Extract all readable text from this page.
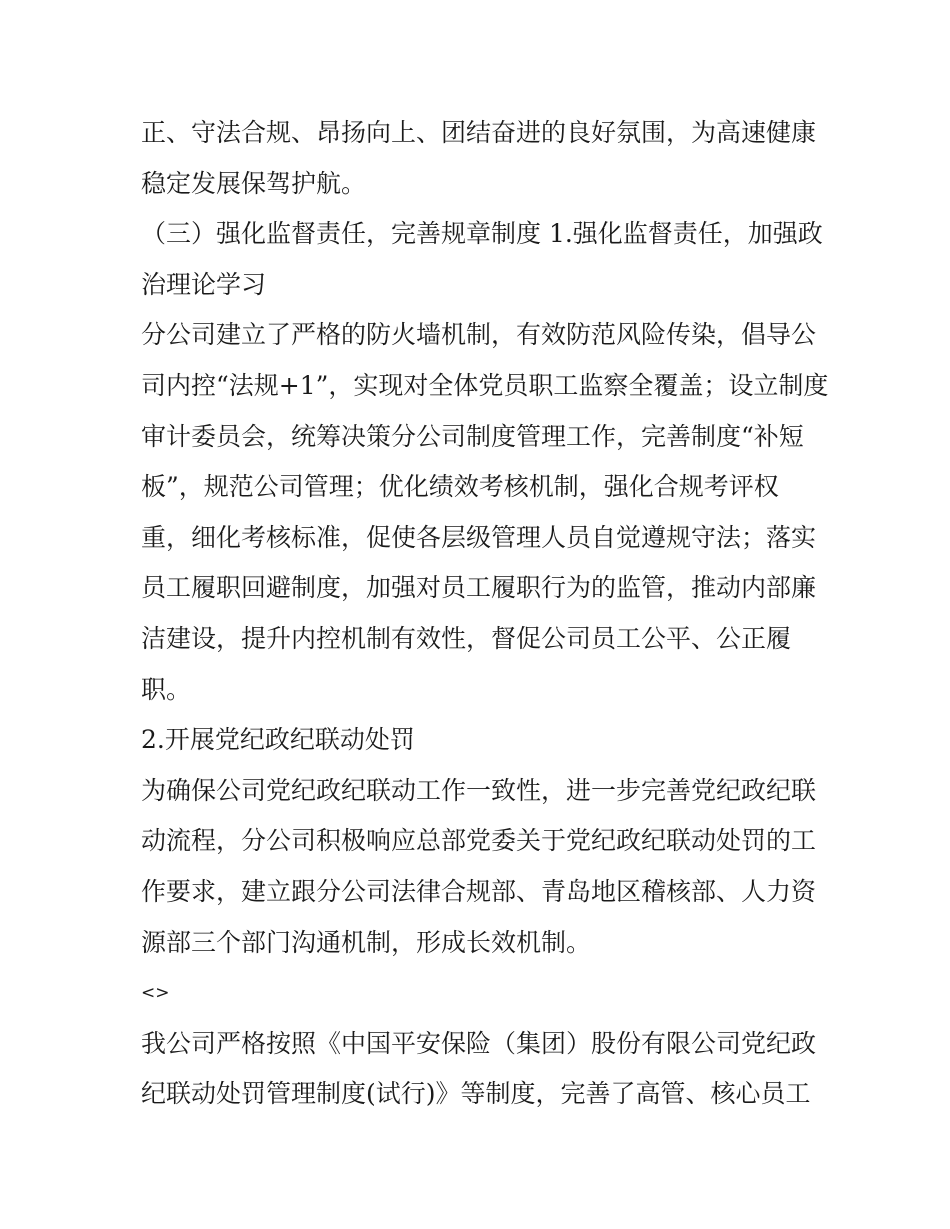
正、守法合规、昂扬向上、团结奋进的良好氛围，为高速健康
稳定发展保驾护航。
（三）强化监督责任，完善规章制度 1.强化监督责任，加强政
治理论学习
分公司建立了严格的防火墙机制，有效防范风险传染，倡导公
司内控“法规+1”，实现对全体党员职工监察全覆盖；设立制度
审计委员会，统筹决策分公司制度管理工作，完善制度“补短
板”，规范公司管理；优化绩效考核机制，强化合规考评权
重，细化考核标准，促使各层级管理人员自觉遵规守法；落实
员工履职回避制度，加强对员工履职行为的监管，推动内部廉
洁建设，提升内控机制有效性，督促公司员工公平、公正履
职。
2.开展党纪政纪联动处罚
为确保公司党纪政纪联动工作一致性，进一步完善党纪政纪联
动流程，分公司积极响应总部党委关于党纪政纪联动处罚的工
作要求，建立跟分公司法律合规部、青岛地区稽核部、人力资
源部三个部门沟通机制，形成长效机制。
<>
我公司严格按照《中国平安保险（集团）股份有限公司党纪政
纪联动处罚管理制度(试行)》等制度，完善了高管、核心员工
